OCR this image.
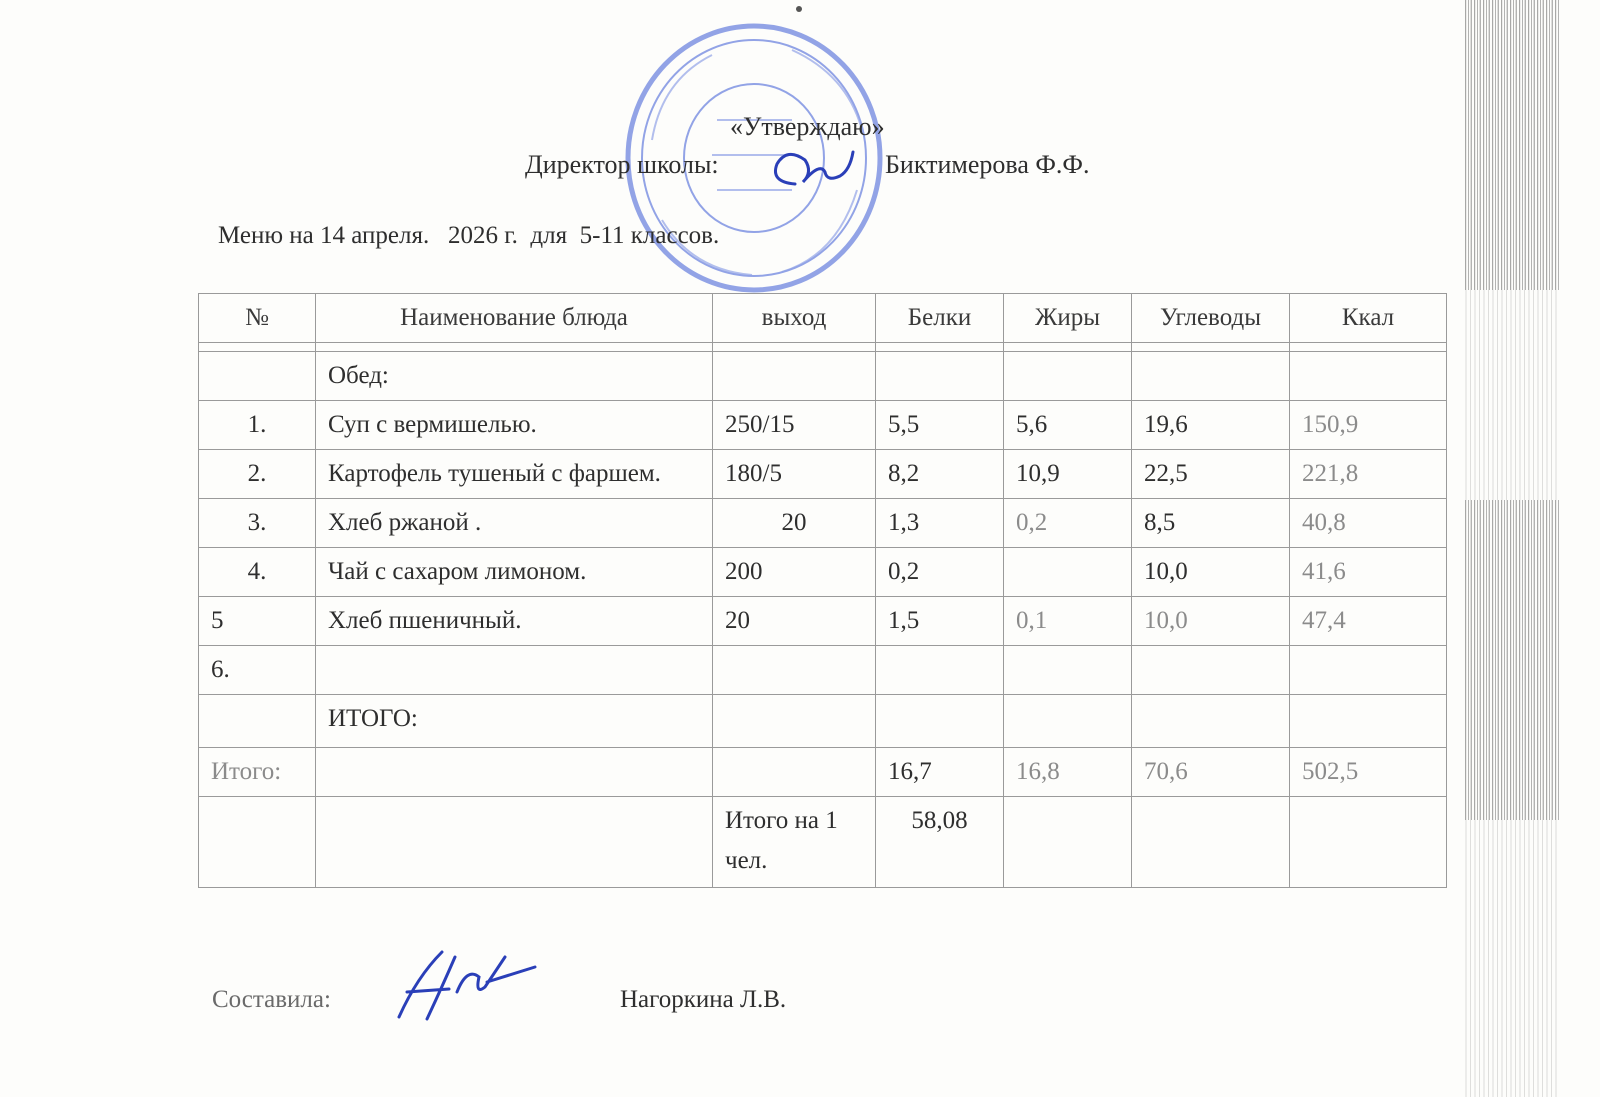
«Утверждаю»
Директор школы:	Биктимерова Ф.Ф.
Меню на 14 апреля.   2026 г.  для  5-11 классов.
№	Наименование блюда	выход	Белки	Жиры	Углеводы	Ккал

	Обед:					
1.	Суп с вермишелью.	250/15	5,5	5,6	19,6	150,9
2.	Картофель тушеный с фаршем.	180/5	8,2	10,9	22,5	221,8
3.	Хлеб ржаной .	20	1,3	0,2	8,5	40,8
4.	Чай с сахаром лимоном.	200	0,2		10,0	41,6
5	Хлеб пшеничный.	20	1,5	0,1	10,0	47,4
6.						
	ИТОГО:					
Итого:			16,7	16,8	70,6	502,5
		Итого на 1 чел.	58,08			
Составила:	Нагоркина Л.В.
